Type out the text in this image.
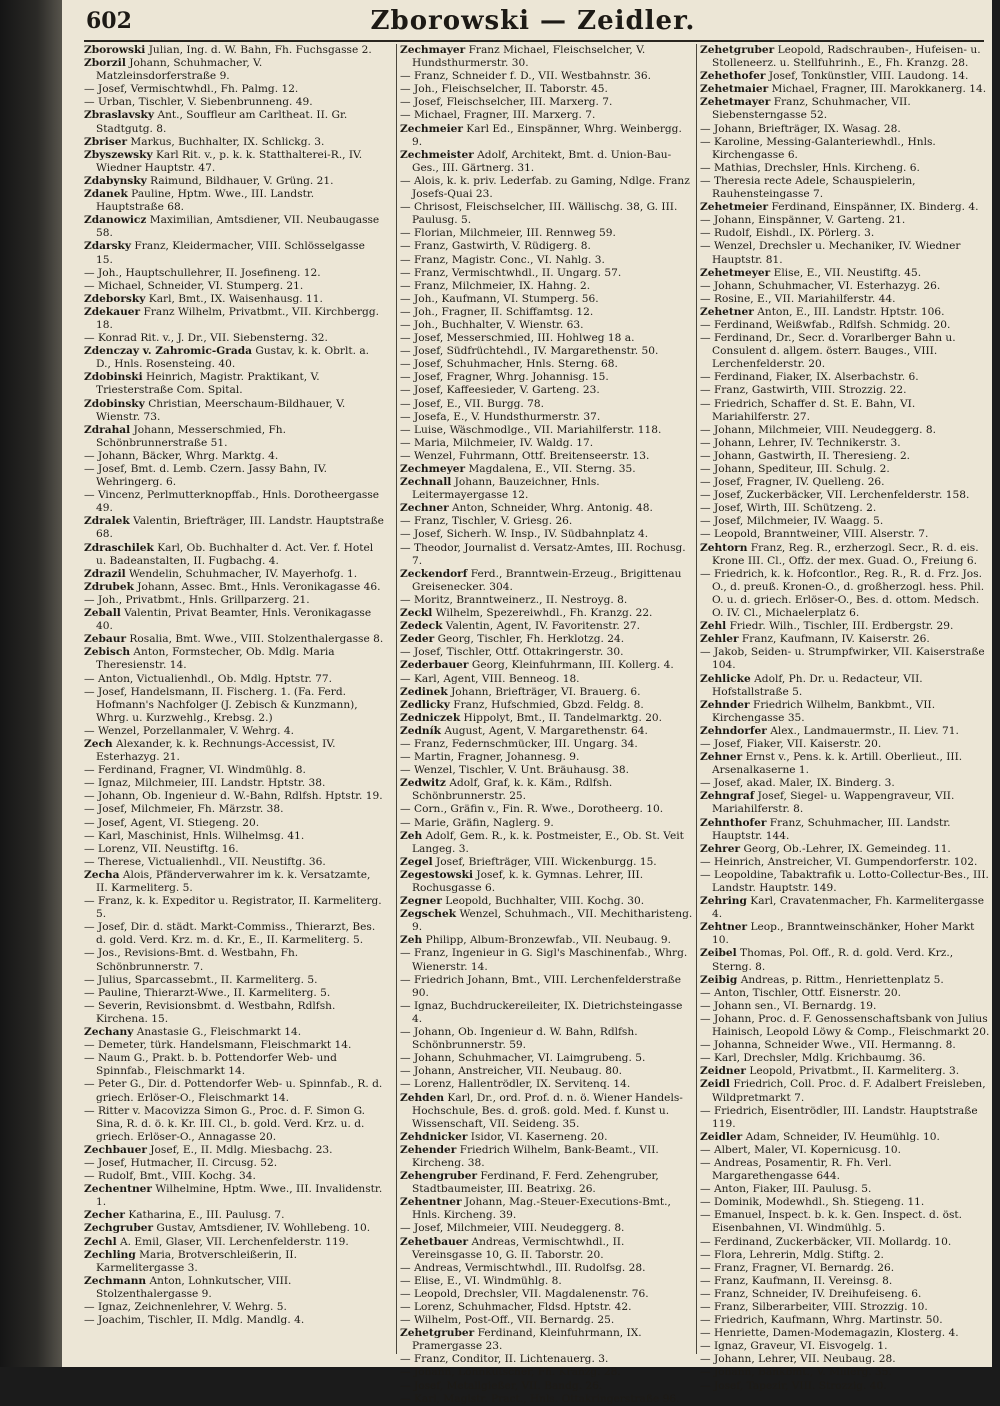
602	Zborowski — Zeidler.
Zborowski Julian, Ing. d. W. Bahn, Fh. Fuchsgasse 2.
Zborzil Johann, Schuhmacher, V. Matzleinsdorferstraße 9.
— Josef, Vermischtwhdl., Fh. Palmg. 12.
— Urban, Tischler, V. Siebenbrunneng. 49.
Zbraslavsky Ant., Souffleur am Carltheat. II. Gr. Stadtgutg. 8.
Zbriser Markus, Buchhalter, IX. Schlickg. 3.
Zbyszewsky Karl Rit. v., p. k. k. Statthalterei-R., IV. Wiedner Hauptstr. 47.
Zdabynsky Raimund, Bildhauer, V. Grüng. 21.
Zdanek Pauline, Hptm. Wwe., III. Landstr. Hauptstraße 68.
Zdanowicz Maximilian, Amtsdiener, VII. Neubaugasse 58.
Zdarsky Franz, Kleidermacher, VIII. Schlösselgasse 15.
— Joh., Hauptschullehrer, II. Josefineng. 12.
— Michael, Schneider, VI. Stumperg. 21.
Zdeborsky Karl, Bmt., IX. Waisenhausg. 11.
Zdekauer Franz Wilhelm, Privatbmt., VII. Kirchbergg. 18.
— Konrad Rit. v., J. Dr., VII. Siebensterng. 32.
Zdenczay v. Zahromic-Grada Gustav, k. k. Obrlt. a. D., Hnls. Rosensteing. 40.
Zdobinski Heinrich, Magistr. Praktikant, V. Triesterstraße Com. Spital.
Zdobinsky Christian, Meerschaum-Bildhauer, V. Wienstr. 73.
Zdrahal Johann, Messerschmied, Fh. Schönbrunnerstraße 51.
— Johann, Bäcker, Whrg. Marktg. 4.
— Josef, Bmt. d. Lemb. Czern. Jassy Bahn, IV. Wehringerg. 6.
— Vincenz, Perlmutterknopffab., Hnls. Dorotheergasse 49.
Zdralek Valentin, Briefträger, III. Landstr. Hauptstraße 68.
Zdraschilek Karl, Ob. Buchhalter d. Act. Ver. f. Hotel u. Badeanstalten, II. Fugbachg. 4.
Zdrazil Wendelin, Schuhmacher, IV. Mayerhofg. 1.
Zdrubek Johann, Assec. Bmt., Hnls. Veronikagasse 46.
— Joh., Privatbmt., Hnls. Grillparzerg. 21.
Zeball Valentin, Privat Beamter, Hnls. Veronikagasse 40.
Zebaur Rosalia, Bmt. Wwe., VIII. Stolzenthalergasse 8.
Zebisch Anton, Formstecher, Ob. Mdlg. Maria Theresienstr. 14.
— Anton, Victualienhdl., Ob. Mdlg. Hptstr. 77.
— Josef, Handelsmann, II. Fischerg. 1. (Fa. Ferd. Hofmann's Nachfolger (J. Zebisch & Kunzmann), Whrg. u. Kurzwehlg., Krebsg. 2.)
— Wenzel, Porzellanmaler, V. Wehrg. 4.
Zech Alexander, k. k. Rechnungs-Accessist, IV. Esterhazyg. 21.
— Ferdinand, Fragner, VI. Windmühlg. 8.
— Ignaz, Milchmeier, III. Landstr. Hptstr. 38.
— Johann, Ob. Ingenieur d. W.-Bahn, Rdlfsh. Hptstr. 19.
— Josef, Milchmeier, Fh. Märzstr. 38.
— Josef, Agent, VI. Stiegeng. 20.
— Karl, Maschinist, Hnls. Wilhelmsg. 41.
— Lorenz, VII. Neustiftg. 16.
— Therese, Victualienhdl., VII. Neustiftg. 36.
Zecha Alois, Pfänderverwahrer im k. k. Versatzamte, II. Karmeliterg. 5.
— Franz, k. k. Expeditor u. Registrator, II. Karmeliterg. 5.
— Josef, Dir. d. städt. Markt-Commiss., Thierarzt, Bes. d. gold. Verd. Krz. m. d. Kr., E., II. Karmeliterg. 5.
— Jos., Revisions-Bmt. d. Westbahn, Fh. Schönbrunnerstr. 7.
— Julius, Sparcassebmt., II. Karmeliterg. 5.
— Pauline, Thierarzt-Wwe., II. Karmeliterg. 5.
— Severin, Revisionsbmt. d. Westbahn, Rdlfsh. Kirchena. 15.
Zechany Anastasie G., Fleischmarkt 14.
— Demeter, türk. Handelsmann, Fleischmarkt 14.
— Naum G., Prakt. b. b. Pottendorfer Web- und Spinnfab., Fleischmarkt 14.
— Peter G., Dir. d. Pottendorfer Web- u. Spinnfab., R. d. griech. Erlöser-O., Fleischmarkt 14.
— Ritter v. Macovizza Simon G., Proc. d. F. Simon G. Sina, R. d. ö. k. Kr. III. Cl., b. gold. Verd. Krz. u. d. griech. Erlöser-O., Annagasse 20.
Zechbauer Josef, E., II. Mdlg. Miesbachg. 23.
— Josef, Hutmacher, II. Circusg. 52.
— Rudolf, Bmt., VIII. Kochg. 34.
Zechentner Wilhelmine, Hptm. Wwe., III. Invalidenstr. 1.
Zecher Katharina, E., III. Paulusg. 7.
Zechgruber Gustav, Amtsdiener, IV. Wohllebeng. 10.
Zechl A. Emil, Glaser, VII. Lerchenfelderstr. 119.
Zechling Maria, Brotverschleißerin, II. Karmelitergasse 3.
Zechmann Anton, Lohnkutscher, VIII. Stolzenthalergasse 9.
— Ignaz, Zeichnenlehrer, V. Wehrg. 5.
— Joachim, Tischler, II. Mdlg. Mandlg. 4.
Zechmayer Franz Michael, Fleischselcher, V. Hundsthurmerstr. 30.
— Franz, Schneider f. D., VII. Westbahnstr. 36.
— Joh., Fleischselcher, II. Taborstr. 45.
— Josef, Fleischselcher, III. Marxerg. 7.
— Michael, Fragner, III. Marxerg. 7.
Zechmeier Karl Ed., Einspänner, Whrg. Weinbergg. 9.
Zechmeister Adolf, Architekt, Bmt. d. Union-Bau-Ges., III. Gärtnerg. 31.
— Alois, k. k. priv. Lederfab. zu Gaming, Ndlge. Franz Josefs-Quai 23.
— Chrisost, Fleischselcher, III. Wällischg. 38, G. III. Paulusg. 5.
— Florian, Milchmeier, III. Rennweg 59.
— Franz, Gastwirth, V. Rüdigerg. 8.
— Franz, Magistr. Conc., VI. Nahlg. 3.
— Franz, Vermischtwhdl., II. Ungarg. 57.
— Franz, Milchmeier, IX. Hahng. 2.
— Joh., Kaufmann, VI. Stumperg. 56.
— Joh., Fragner, II. Schiffamtsg. 12.
— Joh., Buchhalter, V. Wienstr. 63.
— Josef, Messerschmied, III. Hohlweg 18 a.
— Josef, Südfrüchtehdl., IV. Margarethenstr. 50.
— Josef, Schuhmacher, Hnls. Sterng. 68.
— Josef, Fragner, Whrg. Johannisg. 15.
— Josef, Kaffeesieder, V. Garteng. 23.
— Josef, E., VII. Burgg. 78.
— Josefa, E., V. Hundsthurmerstr. 37.
— Luise, Wäschmodlge., VII. Mariahilferstr. 118.
— Maria, Milchmeier, IV. Waldg. 17.
— Wenzel, Fuhrmann, Ottf. Breitenseerstr. 13.
Zechmeyer Magdalena, E., VII. Sterng. 35.
Zechnall Johann, Bauzeichner, Hnls. Leitermayergasse 12.
Zechner Anton, Schneider, Whrg. Antonig. 48.
— Franz, Tischler, V. Griesg. 26.
— Josef, Sicherh. W. Insp., IV. Südbahnplatz 4.
— Theodor, Journalist d. Versatz-Amtes, III. Rochusg. 7.
Zeckendorf Ferd., Branntwein-Erzeug., Brigittenau Greisenecker. 304.
— Moritz, Branntweinerz., II. Nestroyg. 8.
Zeckl Wilhelm, Spezereiwhdl., Fh. Kranzg. 22.
Zedeck Valentin, Agent, IV. Favoritenstr. 27.
Zeder Georg, Tischler, Fh. Herklotzg. 24.
— Josef, Tischler, Ottf. Ottakringerstr. 30.
Zederbauer Georg, Kleinfuhrmann, III. Kollerg. 4.
— Karl, Agent, VIII. Benneog. 18.
Zedinek Johann, Briefträger, VI. Brauerg. 6.
Zedlicky Franz, Hufschmied, Gbzd. Feldg. 8.
Zedniczek Hippolyt, Bmt., II. Tandelmarktg. 20.
Zedník August, Agent, V. Margarethenstr. 64.
— Franz, Federnschmücker, III. Ungarg. 34.
— Martin, Fragner, Johannesg. 9.
— Wenzel, Tischler, V. Unt. Bräuhausg. 38.
Zedwitz Adolf, Graf, k. k. Käm., Rdlfsh. Schönbrunnerstr. 25.
— Corn., Gräfin v., Fin. R. Wwe., Dorotheerg. 10.
— Marie, Gräfin, Naglerg. 9.
Zeh Adolf, Gem. R., k. k. Postmeister, E., Ob. St. Veit Langeg. 3.
Zegel Josef, Briefträger, VIII. Wickenburgg. 15.
Zegestowski Josef, k. k. Gymnas. Lehrer, III. Rochusgasse 6.
Zegner Leopold, Buchhalter, VIII. Kochg. 30.
Zegschek Wenzel, Schuhmach., VII. Mechitharisteng. 9.
Zeh Philipp, Album-Bronzewfab., VII. Neubaug. 9.
— Franz, Ingenieur in G. Sigl's Maschinenfab., Whrg. Wienerstr. 14.
— Friedrich Johann, Bmt., VIII. Lerchenfelderstraße 90.
— Ignaz, Buchdruckereileiter, IX. Dietrichsteingasse 4.
— Johann, Ob. Ingenieur d. W. Bahn, Rdlfsh. Schönbrunnerstr. 59.
— Johann, Schuhmacher, VI. Laimgrubeng. 5.
— Johann, Anstreicher, VII. Neubaug. 80.
— Lorenz, Hallentrödler, IX. Servitenq. 14.
Zehden Karl, Dr., ord. Prof. d. n. ö. Wiener Handels-Hochschule, Bes. d. groß. gold. Med. f. Kunst u. Wissenschaft, VII. Seideng. 35.
Zehdnicker Isidor, VI. Kaserneng. 20.
Zehender Friedrich Wilhelm, Bank-Beamt., VII. Kircheng. 38.
Zehengruber Ferdinand, F. Ferd. Zehengruber, Stadtbaumeister, III. Beatrixg. 26.
Zehentner Johann, Mag.-Steuer-Executions-Bmt., Hnls. Kircheng. 39.
— Josef, Milchmeier, VIII. Neudeggerg. 8.
Zehetbauer Andreas, Vermischtwhdl., II. Vereinsgasse 10, G. II. Taborstr. 20.
— Andreas, Vermischtwhdl., III. Rudolfsg. 28.
— Elise, E., VI. Windmühlg. 8.
— Leopold, Drechsler, VII. Magdalenenstr. 76.
— Lorenz, Schuhmacher, Fldsd. Hptstr. 42.
— Wilhelm, Post-Off., VII. Bernardg. 25.
Zehetgruber Ferdinand, Kleinfuhrmann, IX. Pramergasse 23.
— Franz, Conditor, II. Lichtenauerg. 3.
— Johann, Lohnkutscher, Fh. Kranzg. 28.
— Josef, Metallgießer, VII. Bandg. 26.
— Karl, Magistr. Pract., Hnls. Ottakringerstraße 96.
Zehetgruber Leopold, Radschrauben-, Hufeisen- u. Stolleneerz. u. Stellfuhrinh., E., Fh. Kranzg. 28.
Zehethofer Josef, Tonkünstler, VIII. Laudong. 14.
Zehetmaier Michael, Fragner, III. Marokkanerg. 14.
Zehetmayer Franz, Schuhmacher, VII. Siebensterngasse 52.
— Johann, Briefträger, IX. Wasag. 28.
— Karoline, Messing-Galanteriewhdl., Hnls. Kirchengasse 6.
— Mathias, Drechsler, Hnls. Kircheng. 6.
— Theresia recte Adele, Schauspielerin, Rauhensteingasse 7.
Zehetmeier Ferdinand, Einspänner, IX. Binderg. 4.
— Johann, Einspänner, V. Garteng. 21.
— Rudolf, Eishdl., IX. Pörlerg. 3.
— Wenzel, Drechsler u. Mechaniker, IV. Wiedner Hauptstr. 81.
Zehetmeyer Elise, E., VII. Neustiftg. 45.
— Johann, Schuhmacher, VI. Esterhazyg. 26.
— Rosine, E., VII. Mariahilferstr. 44.
Zehetner Anton, E., III. Landstr. Hptstr. 106.
— Ferdinand, Weißwfab., Rdlfsh. Schmidg. 20.
— Ferdinand, Dr., Secr. d. Vorarlberger Bahn u. Consulent d. allgem. österr. Bauges., VIII. Lerchenfelderstr. 20.
— Ferdinand, Fiaker, IX. Alserbachstr. 6.
— Franz, Gastwirth, VIII. Strozzig. 22.
— Friedrich, Schaffer d. St. E. Bahn, VI. Mariahilferstr. 27.
— Johann, Milchmeier, VIII. Neudeggerg. 8.
— Johann, Lehrer, IV. Technikerstr. 3.
— Johann, Gastwirth, II. Theresieng. 2.
— Johann, Spediteur, III. Schulg. 2.
— Josef, Fragner, IV. Quelleng. 26.
— Josef, Zuckerbäcker, VII. Lerchenfelderstr. 158.
— Josef, Wirth, III. Schützeng. 2.
— Josef, Milchmeier, IV. Waagg. 5.
— Leopold, Branntweiner, VIII. Alserstr. 7.
Zehtorn Franz, Reg. R., erzherzogl. Secr., R. d. eis. Krone III. Cl., Offz. der mex. Guad. O., Freiung 6.
— Friedrich, k. k. Hofcontlor., Reg. R., R. d. Frz. Jos. O., d. preuß. Kronen-O., d. großherzogl. hess. Phil. O. u. d. griech. Erlöser-O., Bes. d. ottom. Medsch. O. IV. Cl., Michaelerplatz 6.
Zehl Friedr. Wilh., Tischler, III. Erdbergstr. 29.
Zehler Franz, Kaufmann, IV. Kaiserstr. 26.
— Jakob, Seiden- u. Strumpfwirker, VII. Kaiserstraße 104.
Zehlicke Adolf, Ph. Dr. u. Redacteur, VII. Hofstallstraße 5.
Zehnder Friedrich Wilhelm, Bankbmt., VII. Kirchengasse 35.
Zehndorfer Alex., Landmauermstr., II. Liev. 71.
— Josef, Fiaker, VII. Kaiserstr. 20.
Zehner Ernst v., Pens. k. k. Artill. Oberlieut., III. Arsenalkaserne 1.
— Josef, akad. Maler, IX. Binderg. 3.
Zehngraf Josef, Siegel- u. Wappengraveur, VII. Mariahilferstr. 8.
Zehnthofer Franz, Schuhmacher, III. Landstr. Hauptstr. 144.
Zehrer Georg, Ob.-Lehrer, IX. Gemeindeg. 11.
— Heinrich, Anstreicher, VI. Gumpendorferstr. 102.
— Leopoldine, Tabaktrafik u. Lotto-Collectur-Bes., III. Landstr. Hauptstr. 149.
Zehring Karl, Cravatenmacher, Fh. Karmelitergasse 4.
Zehtner Leop., Branntweinschänker, Hoher Markt 10.
Zeibel Thomas, Pol. Off., R. d. gold. Verd. Krz., Sterng. 8.
Zeibig Andreas, p. Rittm., Henriettenplatz 5.
— Anton, Tischler, Ottf. Eisnerstr. 20.
— Johann sen., VI. Bernardg. 19.
— Johann, Proc. d. F. Genossenschaftsbank von Julius Hainisch, Leopold Löwy & Comp., Fleischmarkt 20.
— Johanna, Schneider Wwe., VII. Hermanng. 8.
— Karl, Drechsler, Mdlg. Krichbaumg. 36.
Zeidner Leopold, Privatbmt., II. Karmeliterg. 3.
Zeidl Friedrich, Coll. Proc. d. F. Adalbert Freisleben, Wildpretmarkt 7.
— Friedrich, Eisentrödler, III. Landstr. Hauptstraße 119.
Zeidler Adam, Schneider, IV. Heumühlg. 10.
— Albert, Maler, VI. Kopernicusg. 10.
— Andreas, Posamentir, R. Fh. Verl. Margarethengasse 644.
— Anton, Fiaker, III. Paulusg. 5.
— Dominik, Modewhdl., Sh. Stiegeng. 11.
— Emanuel, Inspect. b. k. k. Gen. Inspect. d. öst. Eisenbahnen, VI. Windmühlg. 5.
— Ferdinand, Zuckerbäcker, VII. Mollardg. 10.
— Flora, Lehrerin, Mdlg. Stiftg. 2.
— Franz, Fragner, VI. Bernardg. 26.
— Franz, Kaufmann, II. Vereinsg. 8.
— Franz, Schneider, IV. Dreihufeiseng. 6.
— Franz, Silberarbeiter, VIII. Strozzig. 10.
— Friedrich, Kaufmann, Whrg. Martinstr. 50.
— Henriette, Damen-Modemagazin, Klosterg. 4.
— Ignaz, Graveur, VI. Eisvogelg. 1.
— Johann, Lehrer, VII. Neubaug. 28.
— Johann, Bankbmt., V. Millerg. 35.
— Josef, Tapezir, VIII. Strozzig. 40.
